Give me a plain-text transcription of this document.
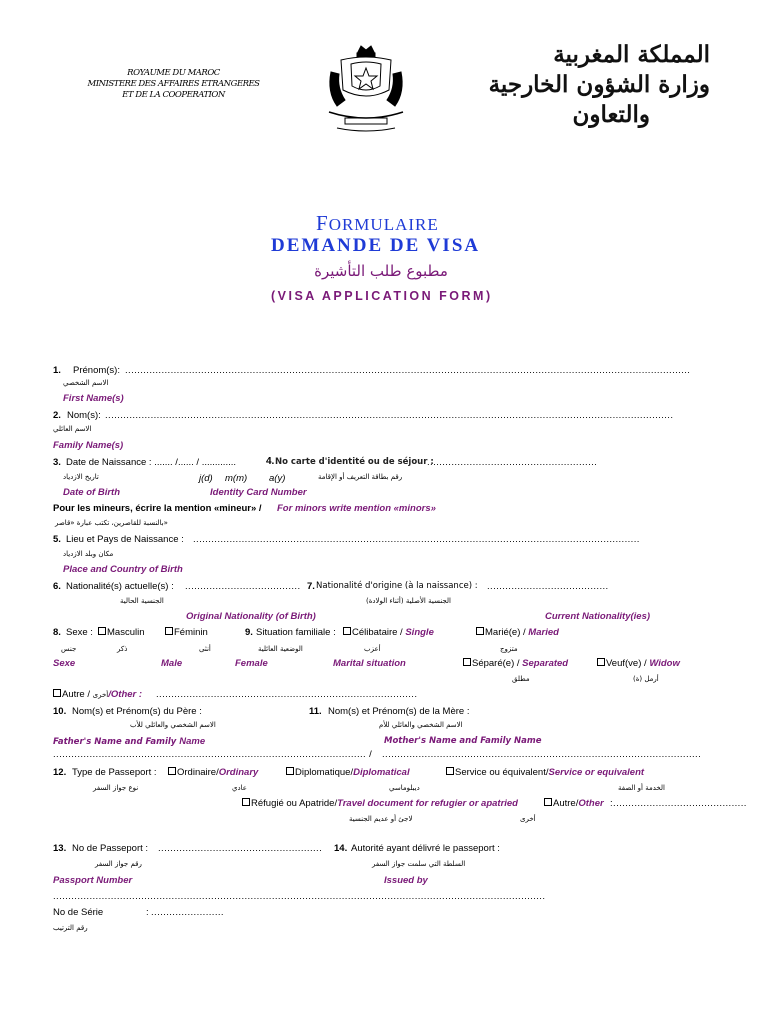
ROYAUME DU MAROC
MINISTERE DES AFFAIRES ETRANGERES
ET DE LA COOPERATION
المملكة المغربية
وزارة الشؤون الخارجية
والتعاون
FORMULAIRE
DEMANDE DE VISA
مطبوع طلب التأشيرة
(VISA APPLICATION FORM)
1. Prénom(s): ..........................................................................................................................................................................................
الاسم الشخصي
First Name(s)
2. Nom(s): ...........................................................................................................................................................................................
الاسم العائلي
Family Name(s)
3. Date de Naissance : ....... /...... / .............	4. No carte d'identité ou de séjour :
........................................................
تاريخ الازدياد	j(d) m(m) a(y)	رقم بطاقة التعريف أو الإقامة
Date of Birth	Identity Card Number
Pour les mineurs, écrire la mention «mineur» / For minors write mention «minors»
بالنسبة للقاصرين، تكتب عبارة «قاصر»
5. Lieu et Pays de Naissance : ...................................................................................................................................................
مكان وبلد الازدياد
Place and Country of Birth
6. Nationalité(s) actuelle(s) : ...................................... 7. Nationalité d'origine (à la naissance) : ........................................
الجنسية الحالية	الجنسية الأصلية (أثناء الولادة)
Original Nationality (of Birth)	Current Nationality(ies)
8. Sexe :	Masculin	Féminin	9. Situation familiale :	Célibataire / Single	Marié(e) / Maried
جنس	ذكر	أنثى	الوضعية العائلية	أعزب	متزوج
Sexe	Male	Female	Marital situation	Séparé(e) / Separated	Veuf(ve) / Widow
مطلق	أرمل (ة)
Autre / أخرى/Other : ......................................................................................
10. Nom(s) et Prénom(s) du Père :	11. Nom(s) et Prénom(s) de la Mère :
الاسم الشخصي والعائلي للأب	الاسم الشخصي والعائلي للأم
Father's Name and Family Name	Mother's Name and Family Name
....................................................................................................... / .........................................................................................................
12. Type de Passeport :	Ordinaire/Ordinary	Diplomatique/Diplomatical	Service ou équivalent/Service or equivalent
نوع جواز السفر	عادي	ديبلوماسي	الخدمة أو الصفة
Réfugié ou Apatride/Travel document for refugier or apatried	Autre/Other :............................................
لاجئ أو عديم الجنسية	أخرى
13. No de Passeport : ...................................................... 14. Autorité ayant délivré le passeport :
رقم جواز السفر	السلطة التي سلمت جواز السفر
Passport Number	Issued by
..................................................................................................................................................................
No de Série	: ........................
رقم الترتيب
